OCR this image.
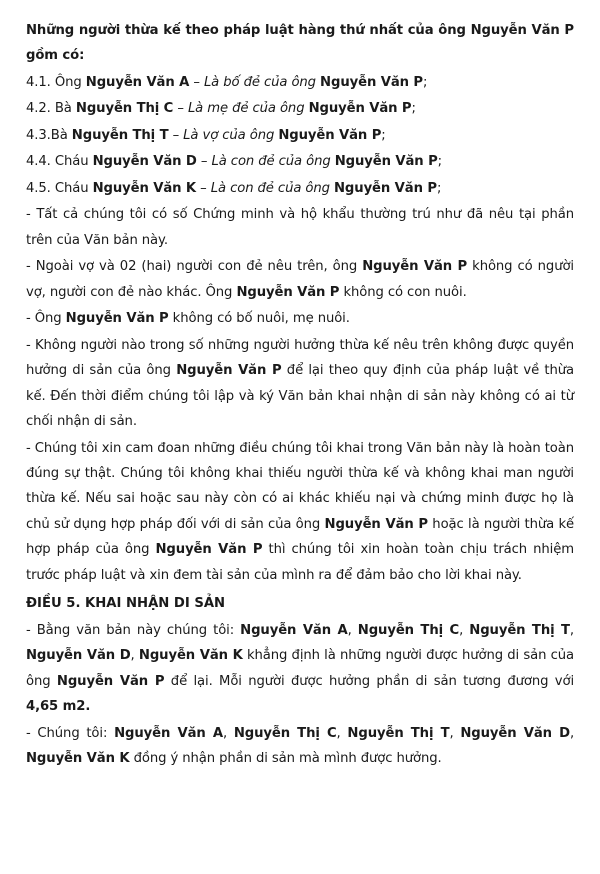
Những người thừa kế theo pháp luật hàng thứ nhất của ông Nguyễn Văn P gồm có:

4.1. Ông Nguyễn Văn A – Là bố đẻ của ông Nguyễn Văn P;

4.2. Bà Nguyễn Thị C – Là mẹ đẻ của ông Nguyễn Văn P;

4.3.Bà Nguyễn Thị T – Là vợ của ông Nguyễn Văn P;

4.4. Cháu Nguyễn Văn D – Là con đẻ của ông Nguyễn Văn P;

4.5. Cháu Nguyễn Văn K – Là con đẻ của ông Nguyễn Văn P;

- Tất cả chúng tôi có số Chứng minh và hộ khẩu thường trú như đã nêu tại phần trên của Văn bản này.

- Ngoài vợ và 02 (hai) người con đẻ nêu trên, ông Nguyễn Văn P không có người vợ, người con đẻ nào khác. Ông Nguyễn Văn P không có con nuôi.

- Ông Nguyễn Văn P không có bố nuôi, mẹ nuôi.

- Không người nào trong số những người hưởng thừa kế nêu trên không được quyền hưởng di sản của ông Nguyễn Văn P để lại theo quy định của pháp luật về thừa kế. Đến thời điểm chúng tôi lập và ký Văn bản khai nhận di sản này không có ai từ chối nhận di sản.

- Chúng tôi xin cam đoan những điều chúng tôi khai trong Văn bản này là hoàn toàn đúng sự thật. Chúng tôi không khai thiếu người thừa kế và không khai man người thừa kế. Nếu sai hoặc sau này còn có ai khác khiếu nại và chứng minh được họ là chủ sử dụng hợp pháp đối với di sản của ông Nguyễn Văn P hoặc là người thừa kế hợp pháp của ông Nguyễn Văn P thì chúng tôi xin hoàn toàn chịu trách nhiệm trước pháp luật và xin đem tài sản của mình ra để đảm bảo cho lời khai này.

ĐIỀU 5. KHAI NHẬN DI SẢN

- Bằng văn bản này chúng tôi: Nguyễn Văn A, Nguyễn Thị C, Nguyễn Thị T, Nguyễn Văn D, Nguyễn Văn K khẳng định là những người được hưởng di sản của ông Nguyễn Văn P để lại. Mỗi người được hưởng phần di sản tương đương với 4,65 m2.

- Chúng tôi: Nguyễn Văn A, Nguyễn Thị C, Nguyễn Thị T, Nguyễn Văn D, Nguyễn Văn K đồng ý nhận phần di sản mà mình được hưởng.
